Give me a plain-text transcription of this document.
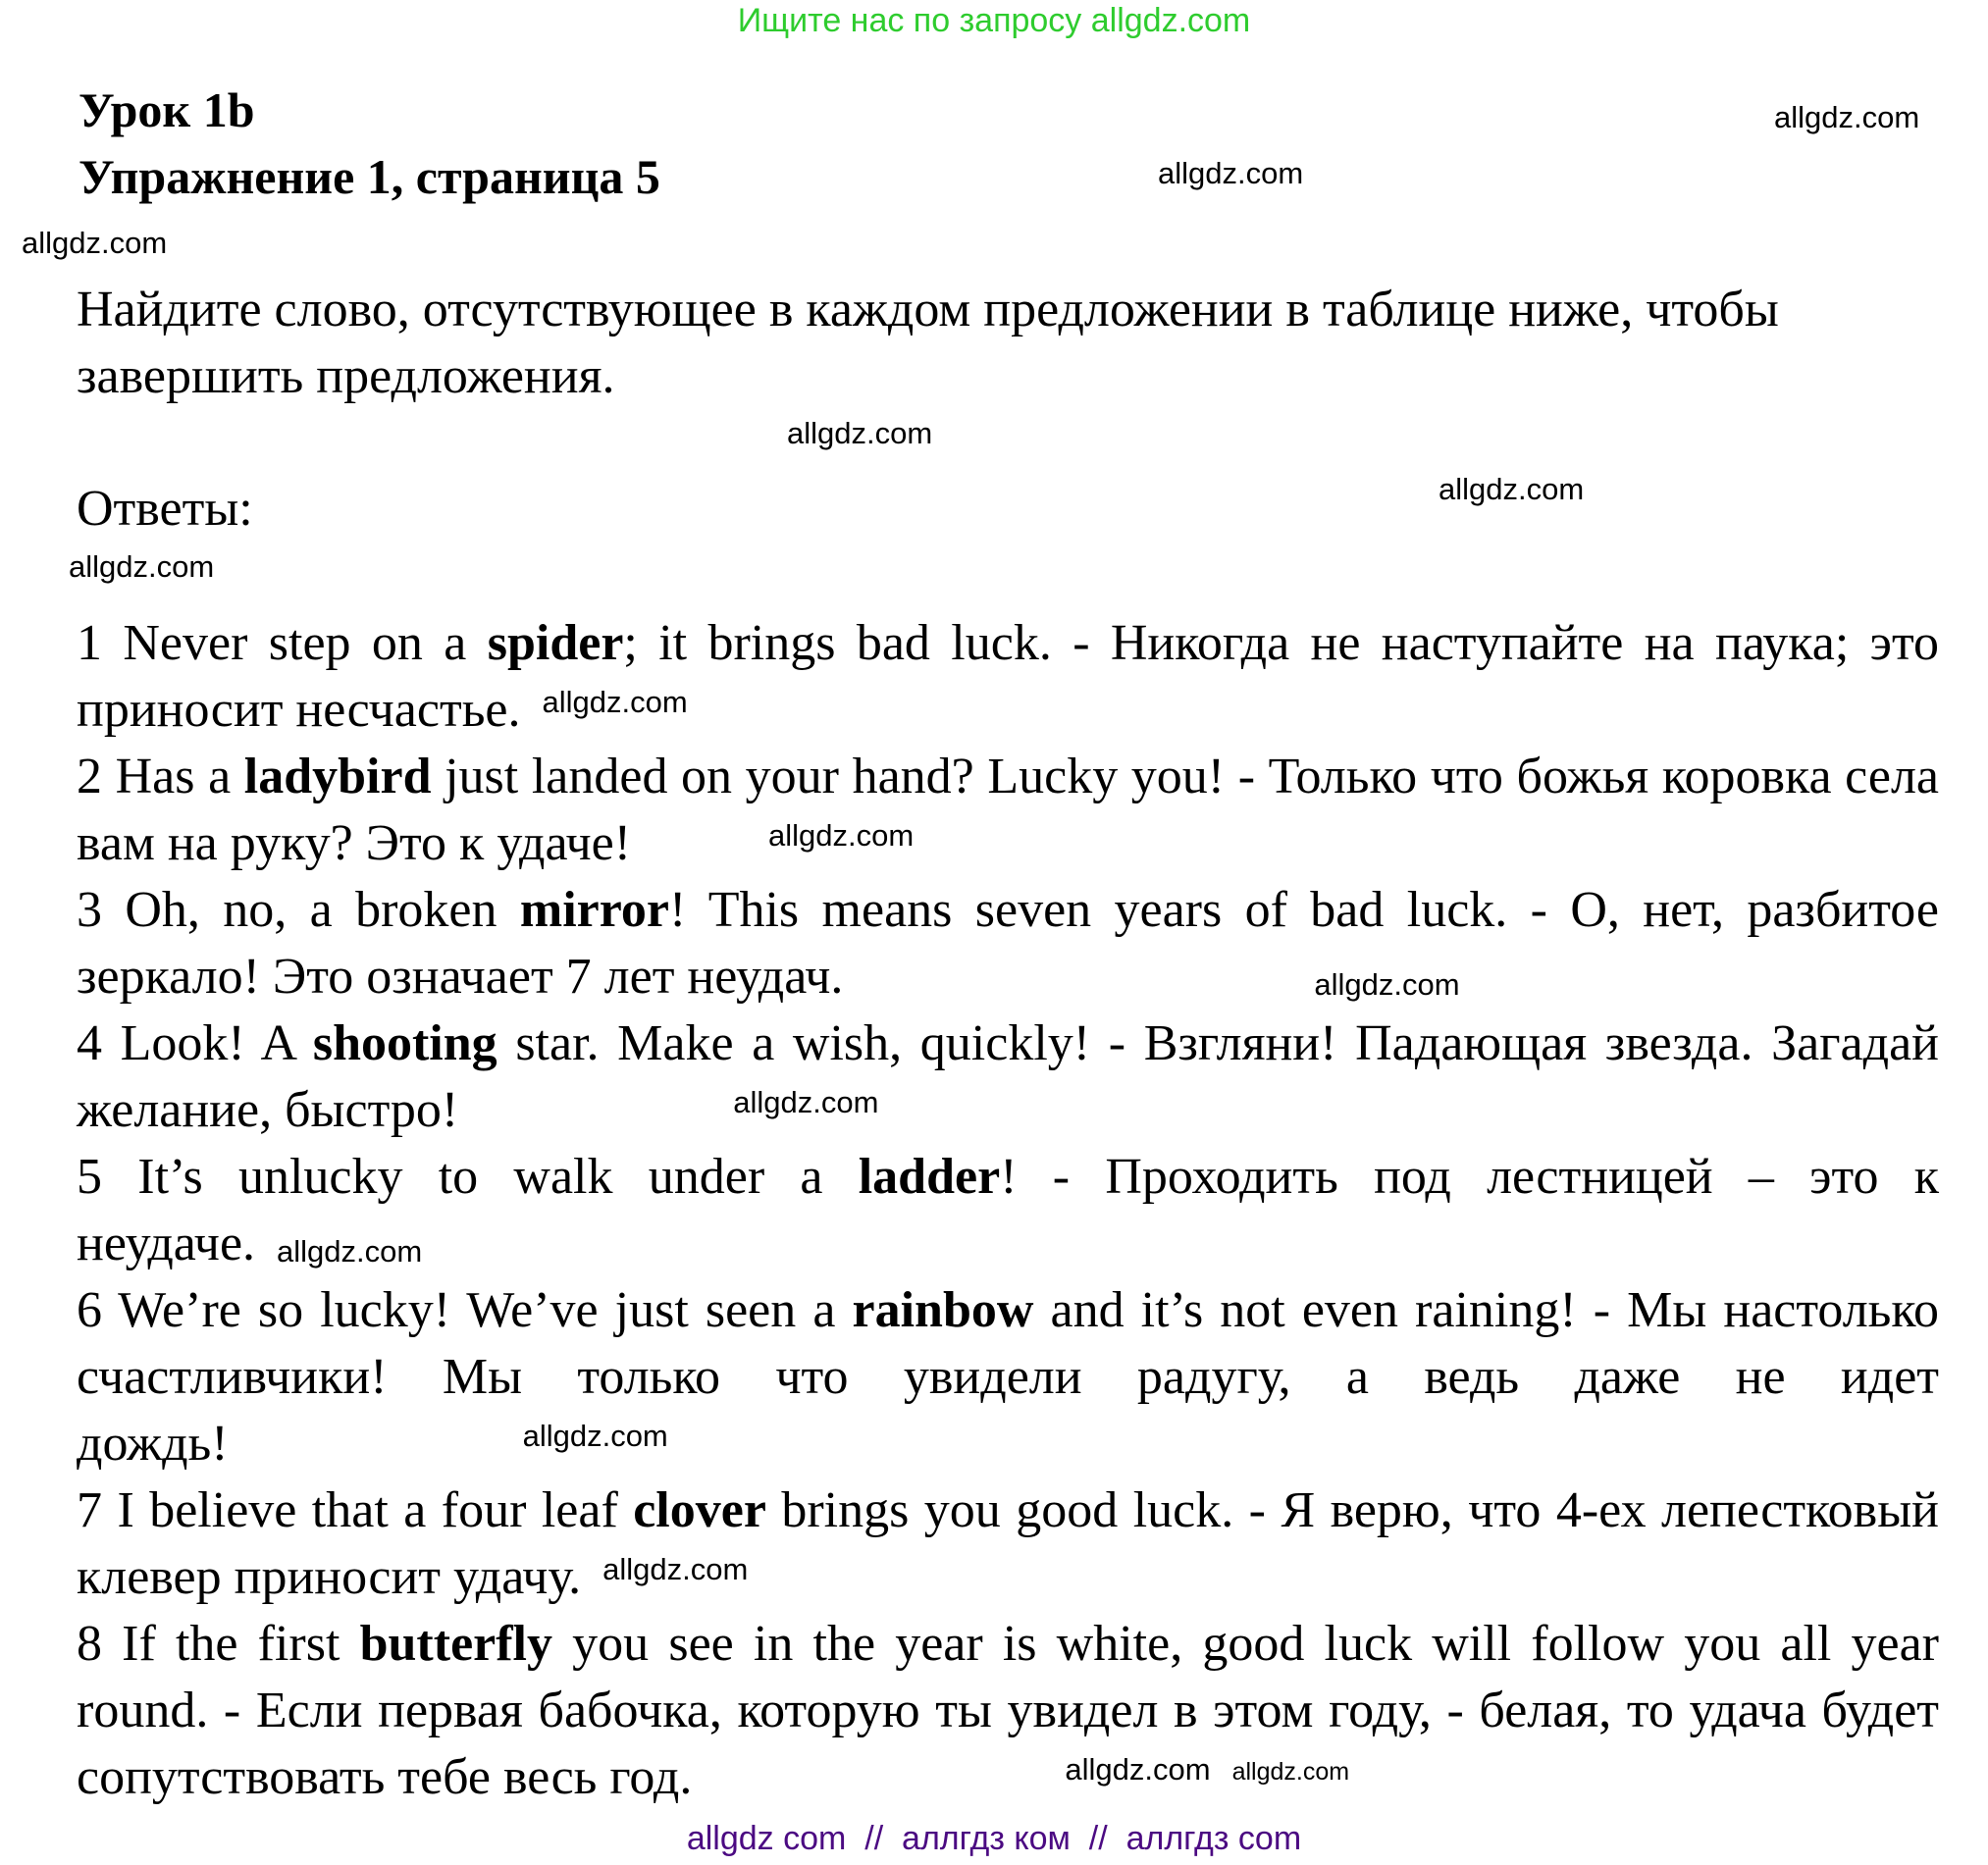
Ищите нас по запросу allgdz.com
Урок 1b
Упражнение 1, страница 5
Найдите слово, отсутствующее в каждом предложении в таблице ниже, чтобы завершить предложения.
Ответы:

1 Never step on a spider; it brings bad luck. - Никогда не наступайте на паука; это приносит несчастье. $^{allgdz.com}$

2 Has a ladybird just landed on your hand? Lucky you! - Только что божья коровка села вам на руку? Это к удаче!	$^{allgdz.com}$

3 Oh, no, a broken mirror! This means seven years of bad luck. - О, нет, разбитое зеркало! Это означает 7 лет неудач.	allgdz.com

4 Look! A shooting star. Make a wish, quickly! - Взгляни! Падающая звезда. Загадай желание, быстро!	$^{allgdz.com}$

5 It’s unlucky to walk under a ladder! - Проходить под лестницей – это к неудаче. allgdz.com

6 We’re so lucky! We’ve just seen a rainbow and it’s not even raining! - Мы настолько счастливчики! Мы только что увидели радугу, а ведь даже не идет дождь!	$^{allgdz.com}$

7 I believe that a four leaf clover brings you good luck. - Я верю, что 4-ех лепестковый клевер приносит удачу. $^{allgdz.com}$

8 If the first butterfly you see in the year is white, good luck will follow you all year round. - Если первая бабочка, которую ты увидел в этом году, - белая, то удача будет сопутствовать тебе весь год.	$^{allgdz.com}$ $^{allgdz.com}$

allgdz.com
allgdz.com
allgdz.com
allgdz.com
allgdz.com
allgdz.com
allgdz com  //  аллгдз ком  //  аллгдз com
